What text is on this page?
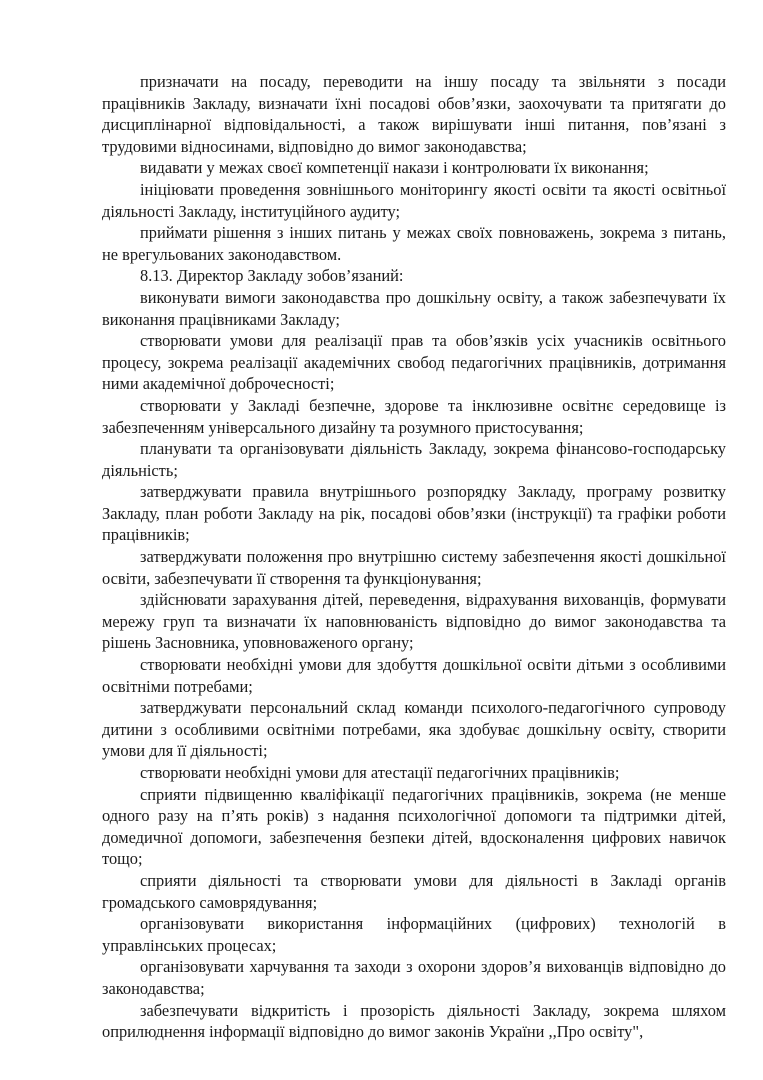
призначати на посаду, переводити на іншу посаду та звільняти з посади працівників Закладу, визначати їхні посадові обов’язки, заохочувати та притягати до дисциплінарної відповідальності, а також вирішувати інші питання, пов’язані з трудовими відносинами, відповідно до вимог законодавства;

видавати у межах своєї компетенції накази і контролювати їх виконання;

ініціювати проведення зовнішнього моніторингу якості освіти та якості освітньої діяльності Закладу, інституційного аудиту;

приймати рішення з інших питань у межах своїх повноважень, зокрема з питань, не врегульованих законодавством.

8.13. Директор Закладу зобов’язаний:

виконувати вимоги законодавства про дошкільну освіту, а також забезпечувати їх виконання працівниками Закладу;

створювати умови для реалізації прав та обов’язків усіх учасників освітнього процесу, зокрема реалізації академічних свобод педагогічних працівників, дотримання ними академічної доброчесності;

створювати у Закладі безпечне, здорове та інклюзивне освітнє середовище із забезпеченням універсального дизайну та розумного пристосування;

планувати та організовувати діяльність Закладу, зокрема фінансово-господарську діяльність;

затверджувати правила внутрішнього розпорядку Закладу, програму розвитку Закладу, план роботи Закладу на рік, посадові обов’язки (інструкції) та графіки роботи працівників;

затверджувати положення про внутрішню систему забезпечення якості дошкільної освіти, забезпечувати її створення та функціонування;

здійснювати зарахування дітей, переведення, відрахування вихованців, формувати мережу груп та визначати їх наповнюваність відповідно до вимог законодавства та рішень Засновника, уповноваженого органу;

створювати необхідні умови для здобуття дошкільної освіти дітьми з особливими освітніми потребами;

затверджувати персональний склад команди психолого-педагогічного супроводу дитини з особливими освітніми потребами, яка здобуває дошкільну освіту, створити умови для її діяльності;

створювати необхідні умови для атестації педагогічних працівників;

сприяти підвищенню кваліфікації педагогічних працівників, зокрема (не менше одного разу на п’ять років) з надання психологічної допомоги та підтримки дітей, домедичної допомоги, забезпечення безпеки дітей, вдосконалення цифрових навичок тощо;

сприяти діяльності та створювати умови для діяльності в Закладі органів громадського самоврядування;

організовувати використання інформаційних (цифрових) технологій в управлінських процесах;

організовувати харчування та заходи з охорони здоров’я вихованців відповідно до законодавства;

забезпечувати відкритість і прозорість діяльності Закладу, зокрема шляхом оприлюднення інформації відповідно до вимог законів України ,,Про освіту",
